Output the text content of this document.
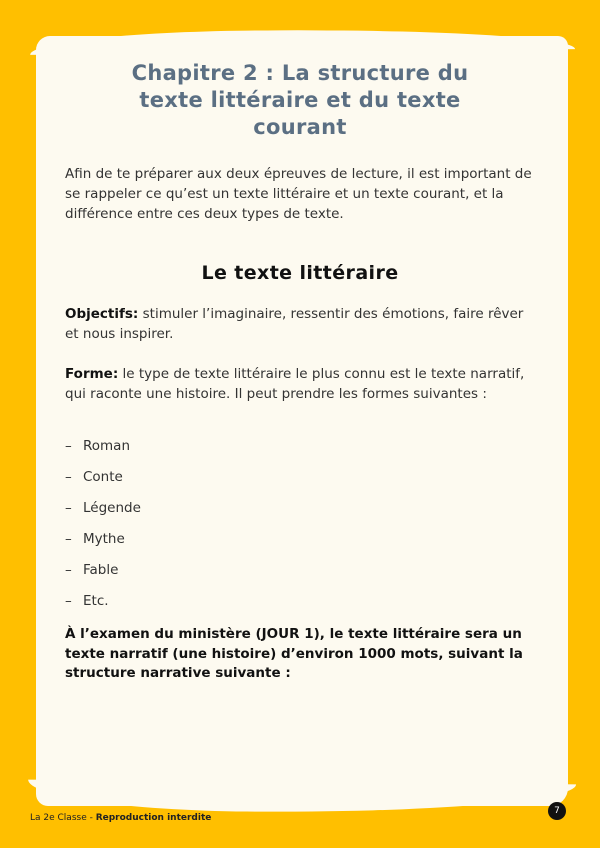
Chapitre 2 : La structure du
texte littéraire et du texte
courant

Afin de te préparer aux deux épreuves de lecture, il est important de se rappeler ce qu’est un texte littéraire et un texte courant, et la différence entre ces deux types de texte.

Le texte littéraire

Objectifs: stimuler l’imaginaire, ressentir des émotions, faire rêver et nous inspirer.

Forme: le type de texte littéraire le plus connu est le texte narratif, qui raconte une histoire. Il peut prendre les formes suivantes :

– Roman
– Conte
– Légende
– Mythe
– Fable
– Etc.

À l’examen du ministère (JOUR 1), le texte littéraire sera un texte narratif (une histoire) d’environ 1000 mots, suivant la structure narrative suivante :

La 2e Classe - Reproduction interdite
7
